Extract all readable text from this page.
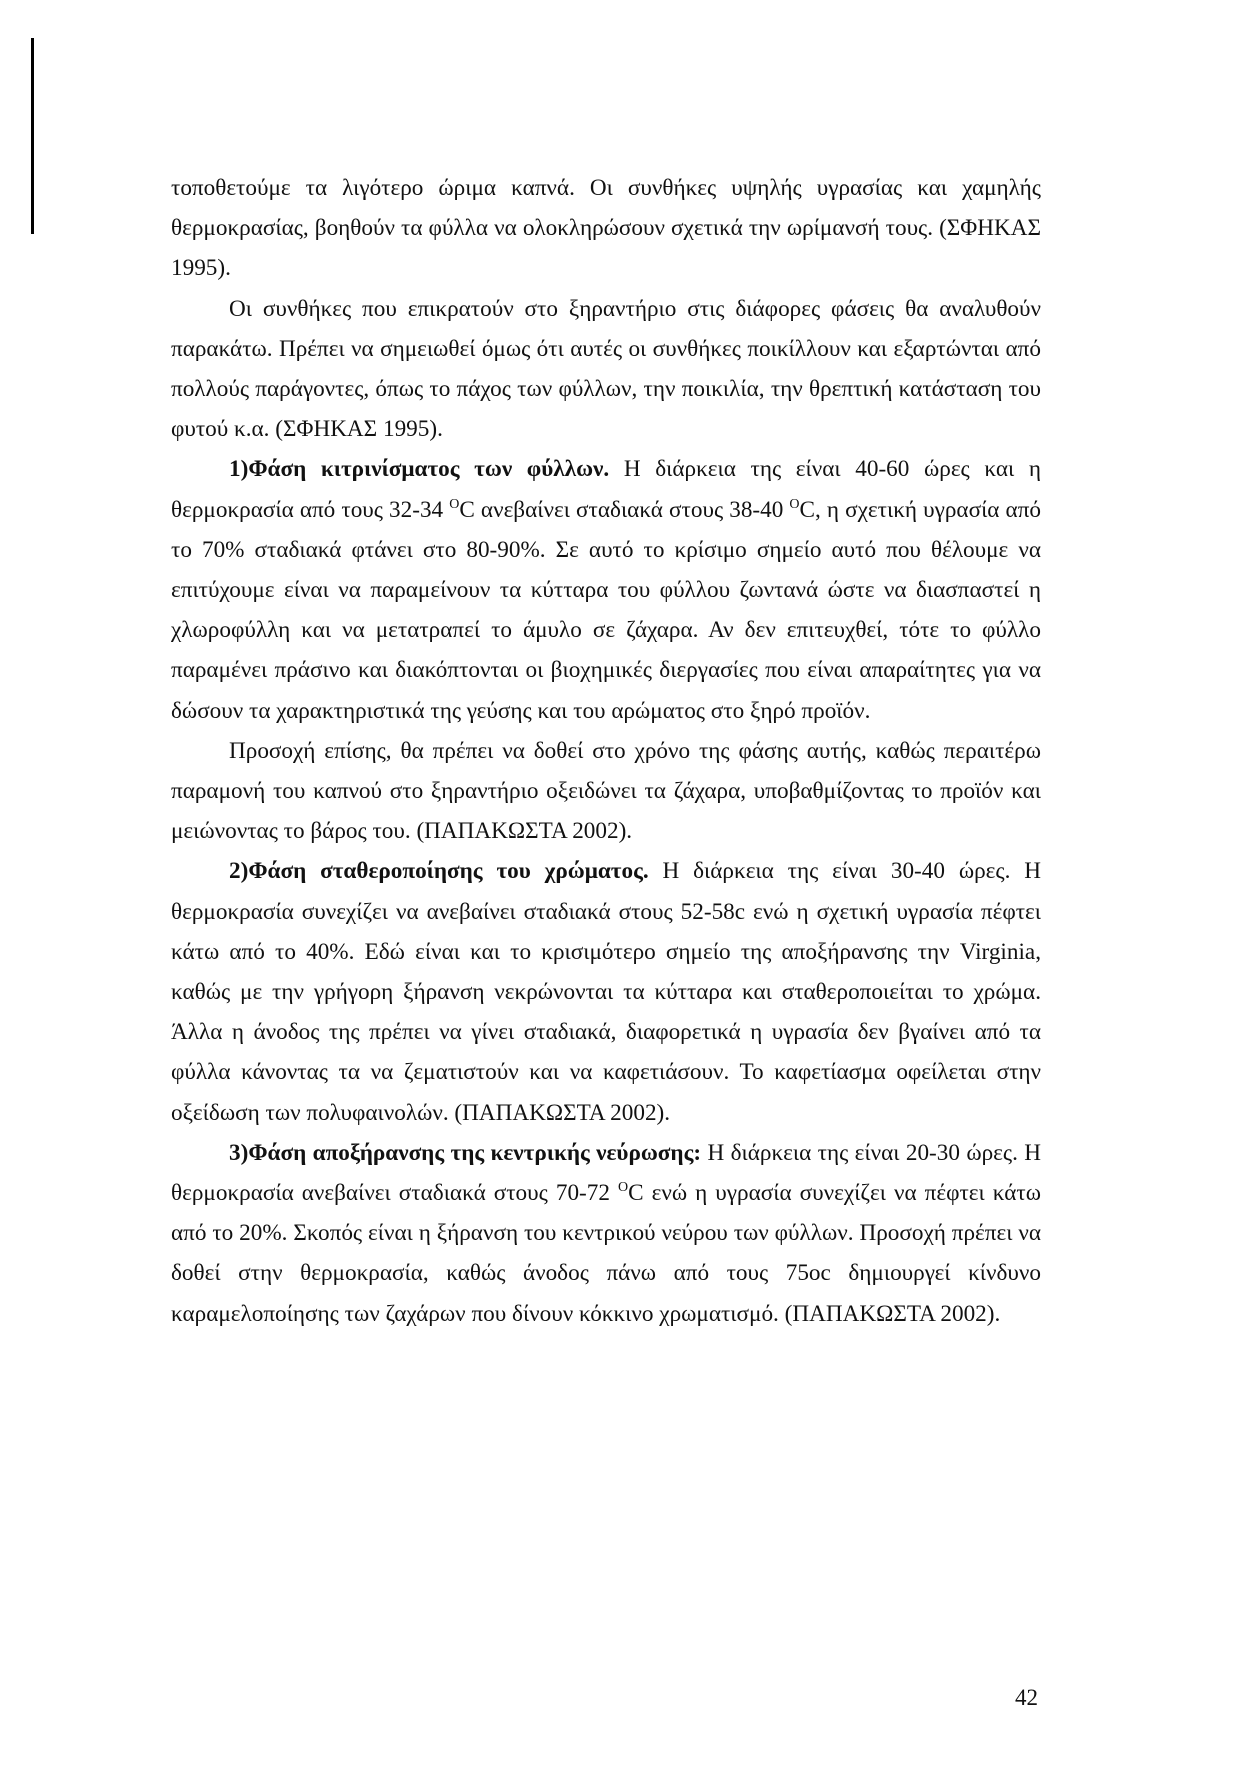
τοποθετούμε τα λιγότερο ώριμα καπνά. Οι συνθήκες υψηλής υγρασίας και χαμηλής θερμοκρασίας, βοηθούν τα φύλλα να ολοκληρώσουν σχετικά την ωρίμανσή τους. (ΣΦΗΚΑΣ 1995).

Οι συνθήκες που επικρατούν στο ξηραντήριο στις διάφορες φάσεις θα αναλυθούν παρακάτω. Πρέπει να σημειωθεί όμως ότι αυτές οι συνθήκες ποικίλλουν και εξαρτώνται από πολλούς παράγοντες, όπως το πάχος των φύλλων, την ποικιλία, την θρεπτική κατάσταση του φυτού κ.α. (ΣΦΗΚΑΣ 1995).

1)Φάση κιτρινίσματος των φύλλων. Η διάρκεια της είναι 40-60 ώρες και η θερμοκρασία από τους 32-34 $^O$C ανεβαίνει σταδιακά στους 38-40 $^O$C, η σχετική υγρασία από το 70% σταδιακά φτάνει στο 80-90%. Σε αυτό το κρίσιμο σημείο αυτό που θέλουμε να επιτύχουμε είναι να παραμείνουν τα κύτταρα του φύλλου ζωντανά ώστε να διασπαστεί η χλωροφύλλη και να μετατραπεί το άμυλο σε ζάχαρα. Αν δεν επιτευχθεί, τότε το φύλλο παραμένει πράσινο και διακόπτονται οι βιοχημικές διεργασίες που είναι απαραίτητες για να δώσουν τα χαρακτηριστικά της γεύσης και του αρώματος στο ξηρό προϊόν.

Προσοχή επίσης, θα πρέπει να δοθεί στο χρόνο της φάσης αυτής, καθώς περαιτέρω παραμονή του καπνού στο ξηραντήριο οξειδώνει τα ζάχαρα, υποβαθμίζοντας το προϊόν και μειώνοντας το βάρος του. (ΠΑΠΑΚΩΣΤΑ 2002).

2)Φάση σταθεροποίησης του χρώματος. Η διάρκεια της είναι 30-40 ώρες. Η θερμοκρασία συνεχίζει να ανεβαίνει σταδιακά στους 52-58c ενώ η σχετική υγρασία πέφτει κάτω από το 40%. Εδώ είναι και το κρισιμότερο σημείο της αποξήρανσης την Virginia, καθώς με την γρήγορη ξήρανση νεκρώνονται τα κύτταρα και σταθεροποιείται το χρώμα. Άλλα η άνοδος της πρέπει να γίνει σταδιακά, διαφορετικά η υγρασία δεν βγαίνει από τα φύλλα κάνοντας τα να ζεματιστούν και να καφετιάσουν. Το καφετίασμα οφείλεται στην οξείδωση των πολυφαινολών. (ΠΑΠΑΚΩΣΤΑ 2002).

3)Φάση αποξήρανσης της κεντρικής νεύρωσης: Η διάρκεια της είναι 20-30 ώρες. Η θερμοκρασία ανεβαίνει σταδιακά στους 70-72 $^O$C ενώ η υγρασία συνεχίζει να πέφτει κάτω από το 20%. Σκοπός είναι η ξήρανση του κεντρικού νεύρου των φύλλων. Προσοχή πρέπει να δοθεί στην θερμοκρασία, καθώς άνοδος πάνω από τους 75oc δημιουργεί κίνδυνο καραμελοποίησης των ζαχάρων που δίνουν κόκκινο χρωματισμό. (ΠΑΠΑΚΩΣΤΑ 2002).

42
